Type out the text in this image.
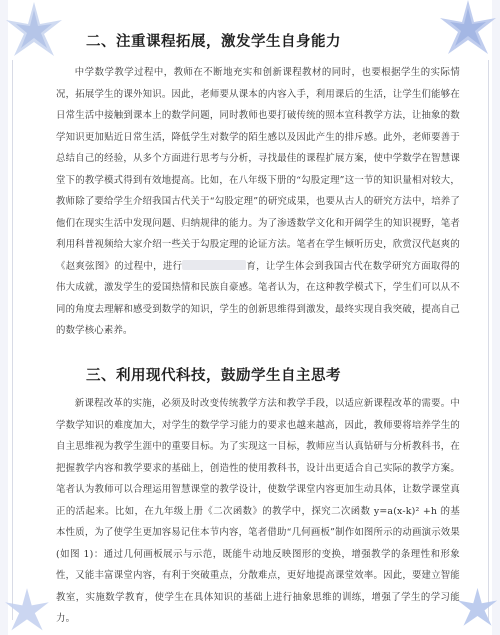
二、注重课程拓展，激发学生自身能力

中学数学教学过程中，教师在不断地充实和创新课程教材的同时，也要根据学生的实际情况，拓展学生的课外知识。因此，老师要从课本的内容入手，利用课后的生活，让学生们能够在日常生活中接触到课本上的数学问题，同时教师也要打破传统的照本宣科教学方法，让抽象的数学知识更加贴近日常生活，降低学生对数学的陌生感以及因此产生的排斥感。此外，老师要善于总结自己的经验，从多个方面进行思考与分析，寻找最佳的课程扩展方案，使中学数学在智慧课堂下的教学模式得到有效地提高。比如，在八年级下册的“勾股定理”这一节的知识量相对较大，教师除了要给学生介绍我国古代关于“勾股定理”的研究成果，也要从古人的研究方法中，培养了他们在现实生活中发现问题、归纳规律的能力。为了渗透数学文化和开阔学生的知识视野，笔者利用科普视频给大家介绍一些关于勾股定理的论证方法。笔者在学生倾听历史，欣赏汉代赵爽的《赵爽弦图》的过程中，进行	育，让学生体会到我国古代在数学研究方面取得的伟大成就，激发学生的爱国热情和民族自豪感。笔者认为，在这种教学模式下，学生们可以从不同的角度去理解和感受到数学的知识，学生的创新思维得到激发，最终实现自我突破，提高自己的数学核心素养。

三、利用现代科技，鼓励学生自主思考

新课程改革的实施，必须及时改变传统教学方法和教学手段，以适应新课程改革的需要。中学数学知识的难度加大，对学生的数学学习能力的要求也越来越高，因此，教师要将培养学生的自主思维视为教学生涯中的重要目标。为了实现这一目标，教师应当认真钻研与分析教科书，在把握教学内容和教学要求的基础上，创造性的使用教科书，设计出更适合自己实际的教学方案。笔者认为教师可以合理运用智慧课堂的教学设计，使数学课堂内容更加生动具体，让数学课堂真正的活起来。比如，在九年级上册《二次函数》的教学中，探究二次函数 y=a(x-k)² +h 的基本性质，为了使学生更加容易记住本节内容，笔者借助“几何画板”制作如图所示的动画演示效果(如图 1)：通过几何画板展示与示范，既能牛动地反映图形的变换，增强教学的条理性和形象性，又能丰富课堂内容，有利于突破重点，分散难点，更好地提高课堂效率。因此，要建立智能教室，实施数学教育，使学生在具体知识的基础上进行抽象思维的训练，增强了学生的学习能力。
